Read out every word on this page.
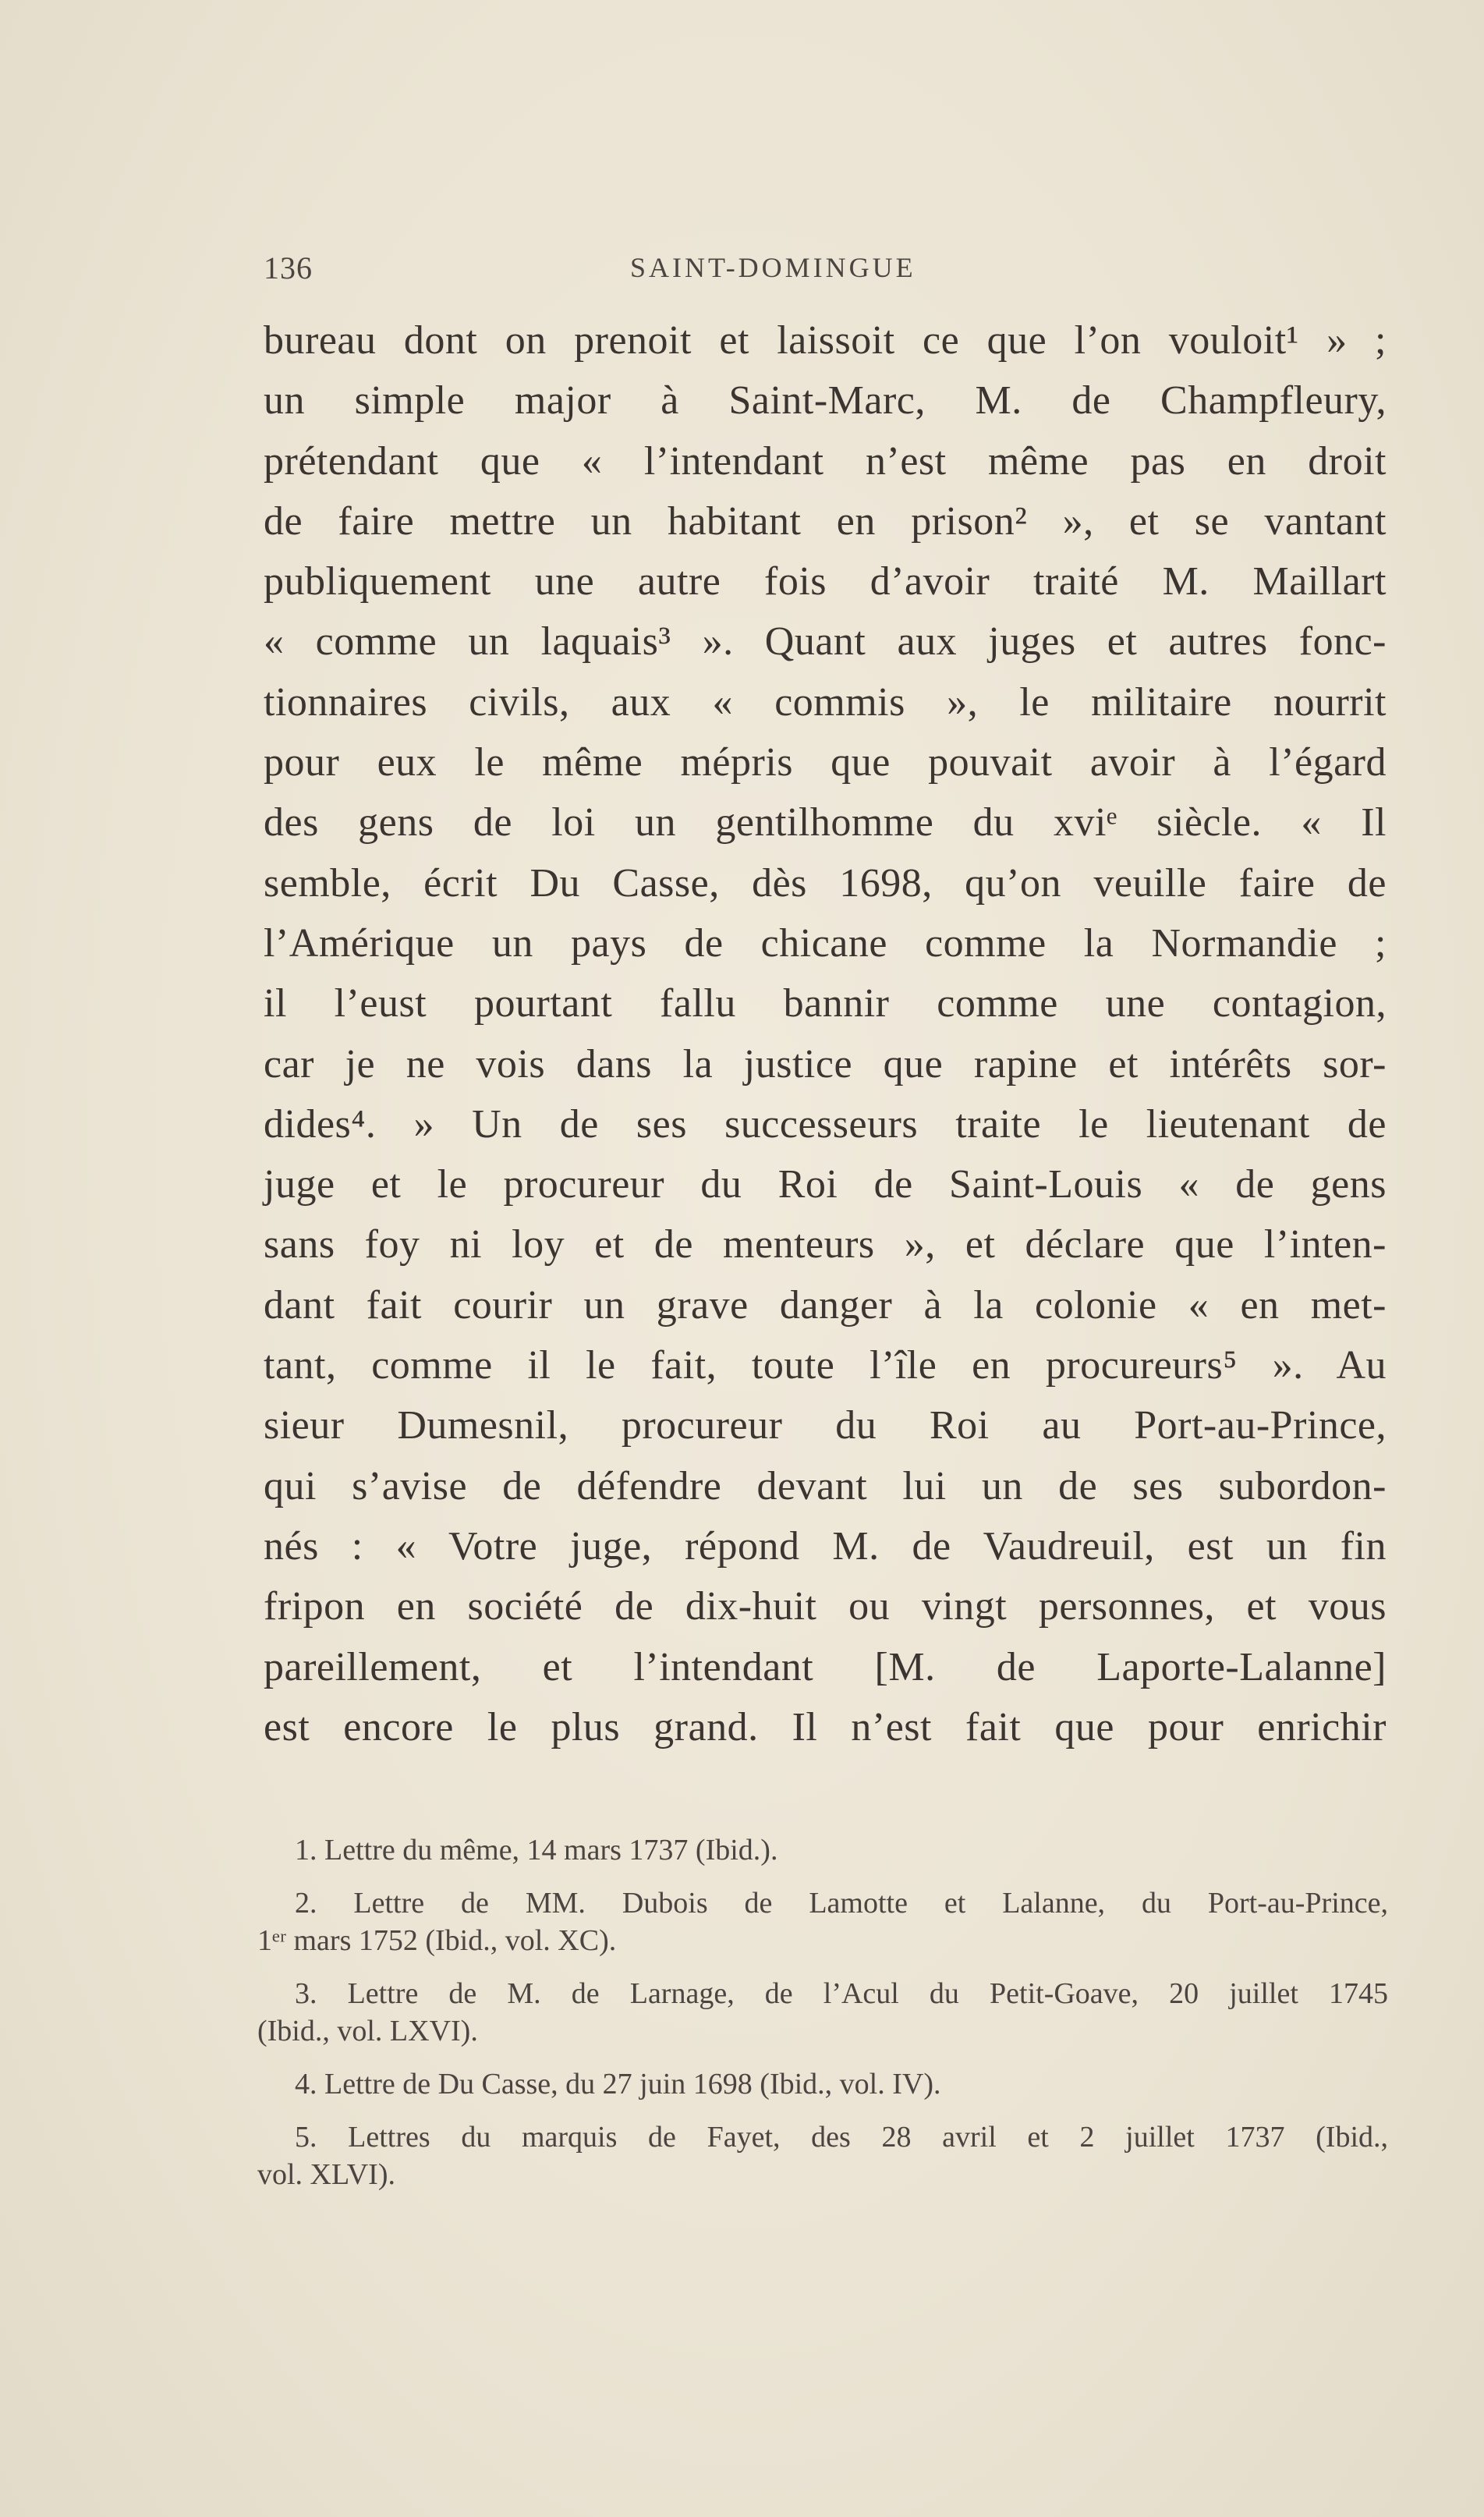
136	SAINT-DOMINGUE
bureau dont on prenoit et laissoit ce que l’on vouloit¹ » ;
un simple major à Saint-Marc, M. de Champfleury,
prétendant que « l’intendant n’est même pas en droit
de faire mettre un habitant en prison² », et se vantant
publiquement une autre fois d’avoir traité M. Maillart
« comme un laquais³ ». Quant aux juges et autres fonc-
tionnaires civils, aux « commis », le militaire nourrit
pour eux le même mépris que pouvait avoir à l’égard
des gens de loi un gentilhomme du xviᵉ siècle. « Il
semble, écrit Du Casse, dès 1698, qu’on veuille faire de
l’Amérique un pays de chicane comme la Normandie ;
il l’eust pourtant fallu bannir comme une contagion,
car je ne vois dans la justice que rapine et intérêts sor-
dides⁴. » Un de ses successeurs traite le lieutenant de
juge et le procureur du Roi de Saint-Louis « de gens
sans foy ni loy et de menteurs », et déclare que l’inten-
dant fait courir un grave danger à la colonie « en met-
tant, comme il le fait, toute l’île en procureurs⁵ ». Au
sieur Dumesnil, procureur du Roi au Port-au-Prince,
qui s’avise de défendre devant lui un de ses subordon-
nés : « Votre juge, répond M. de Vaudreuil, est un fin
fripon en société de dix-huit ou vingt personnes, et vous
pareillement, et l’intendant [M. de Laporte-Lalanne]
est encore le plus grand. Il n’est fait que pour enrichir
1. Lettre du même, 14 mars 1737 (Ibid.).
2. Lettre de MM. Dubois de Lamotte et Lalanne, du Port-au-Prince,
1ᵉʳ mars 1752 (Ibid., vol. XC).
3. Lettre de M. de Larnage, de l’Acul du Petit-Goave, 20 juillet 1745
(Ibid., vol. LXVI).
4. Lettre de Du Casse, du 27 juin 1698 (Ibid., vol. IV).
5. Lettres du marquis de Fayet, des 28 avril et 2 juillet 1737 (Ibid.,
vol. XLVI).
